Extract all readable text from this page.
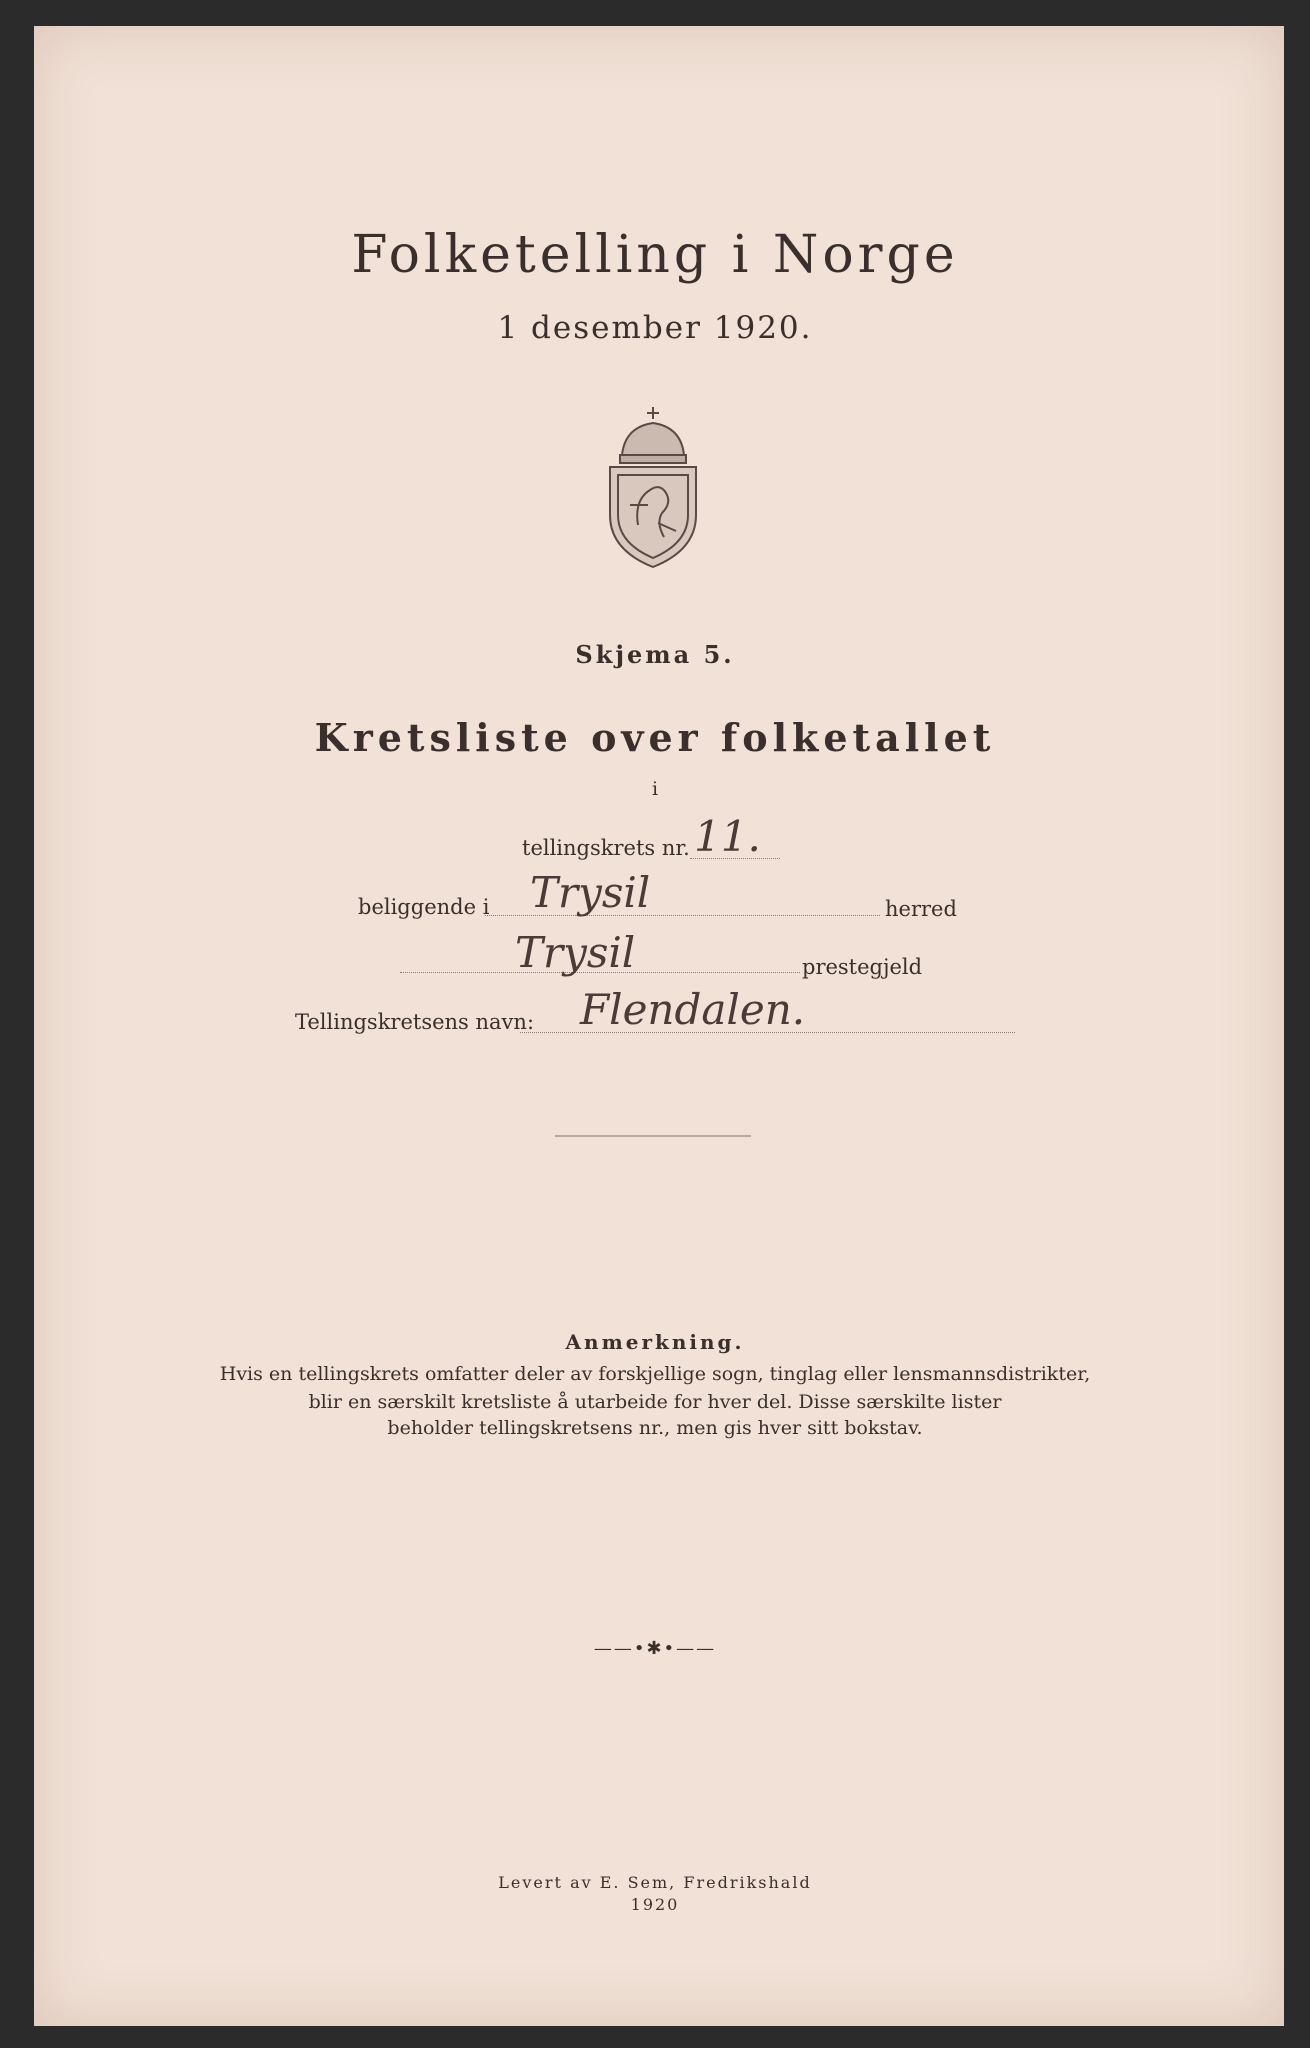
Folketelling i Norge
1 desember 1920.
Skjema 5.
Kretsliste over folketallet
i
tellingskrets nr. 11.
beliggende i Trysil	herred
Trysil	prestegjeld
Tellingskretsens navn: Flendalen.
Anmerkning.
Hvis en tellingskrets omfatter deler av forskjellige sogn, tinglag eller lensmannsdistrikter,
blir en særskilt kretsliste å utarbeide for hver del. Disse særskilte lister
beholder tellingskretsens nr., men gis hver sitt bokstav.
——•✱•——
Levert av E. Sem, Fredrikshald
1920
